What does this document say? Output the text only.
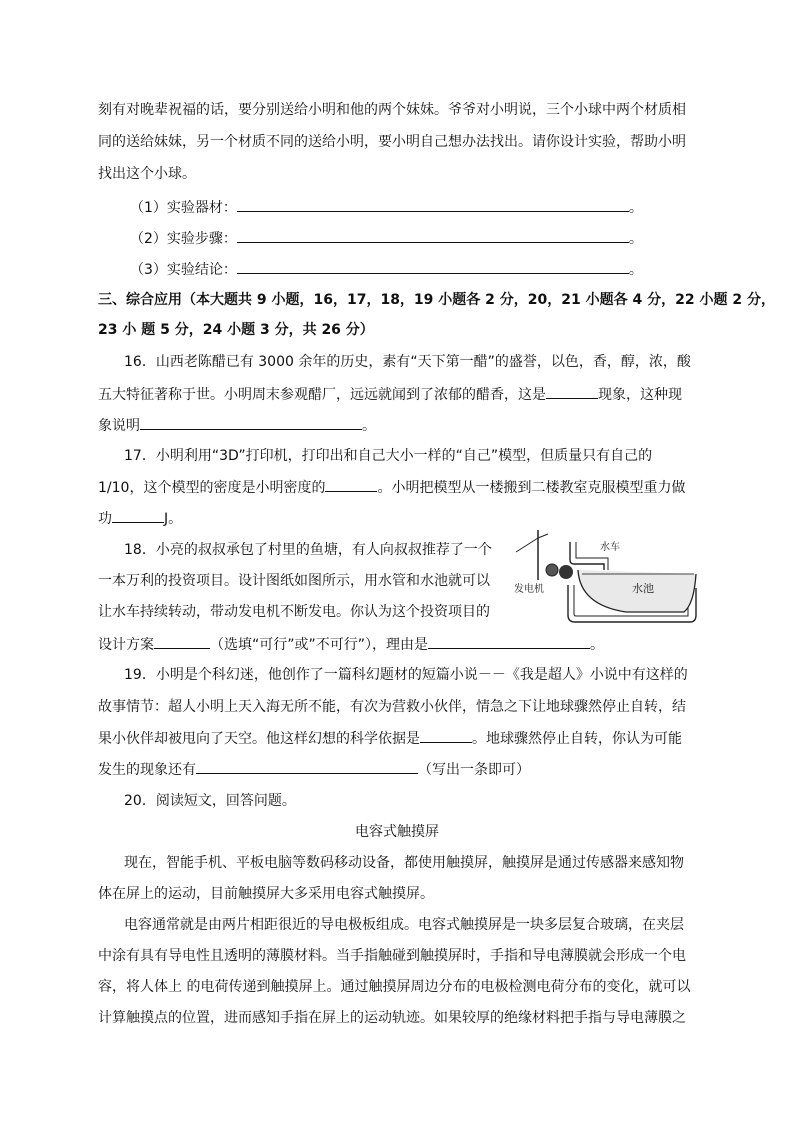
刻有对晚辈祝福的话，要分别送给小明和他的两个妹妹。爷爷对小明说，三个小球中两个材质相
同的送给妹妹，另一个材质不同的送给小明，要小明自己想办法找出。请你设计实验，帮助小明
找出这个小球。
（1）实验器材：	。
（2）实验步骤：	。
（3）实验结论：	。
三、综合应用（本大题共 9 小题，16，17，18，19 小题各 2 分，20，21 小题各 4 分，22 小题 2 分，
23 小 题 5 分，24 小题 3 分，共 26 分）
16．山西老陈醋已有 3000 余年的历史，素有“天下第一醋”的盛誉，以色，香，醇，浓，酸
五大特征著称于世。小明周末参观醋厂，远远就闻到了浓郁的醋香，这是	现象，这种现
象说明	。
17．小明利用“3D”打印机，打印出和自己大小一样的“自己”模型，但质量只有自己的
1/10，这个模型的密度是小明密度的	。小明把模型从一楼搬到二楼教室克服模型重力做
功	J。
18．小亮的叔叔承包了村里的鱼塘，有人向叔叔推荐了一个
一本万利的投资项目。设计图纸如图所示，用水管和水池就可以
让水车持续转动，带动发电机不断发电。你认为这个投资项目的
设计方案	（选填“可行”或”不可行”），理由是	。
水车
发电机	水池
19．小明是个科幻迷，他创作了一篇科幻题材的短篇小说－－《我是超人》小说中有这样的
故事情节：超人小明上天入海无所不能，有次为营救小伙伴，情急之下让地球骤然停止自转，结
果小伙伴却被甩向了天空。他这样幻想的科学依据是	。地球骤然停止自转，你认为可能
发生的现象还有	（写出一条即可）
20．阅读短文，回答问题。
电容式触摸屏
现在，智能手机、平板电脑等数码移动设备，都使用触摸屏，触摸屏是通过传感器来感知物
体在屏上的运动，目前触摸屏大多采用电容式触摸屏。
电容通常就是由两片相距很近的导电极板组成。电容式触摸屏是一块多层复合玻璃，在夹层
中涂有具有导电性且透明的薄膜材料。当手指触碰到触摸屏时，手指和导电薄膜就会形成一个电
容，将人体上 的电荷传递到触摸屏上。通过触摸屏周边分布的电极检测电荷分布的变化，就可以
计算触摸点的位置，进而感知手指在屏上的运动轨迹。如果较厚的绝缘材料把手指与导电薄膜之
